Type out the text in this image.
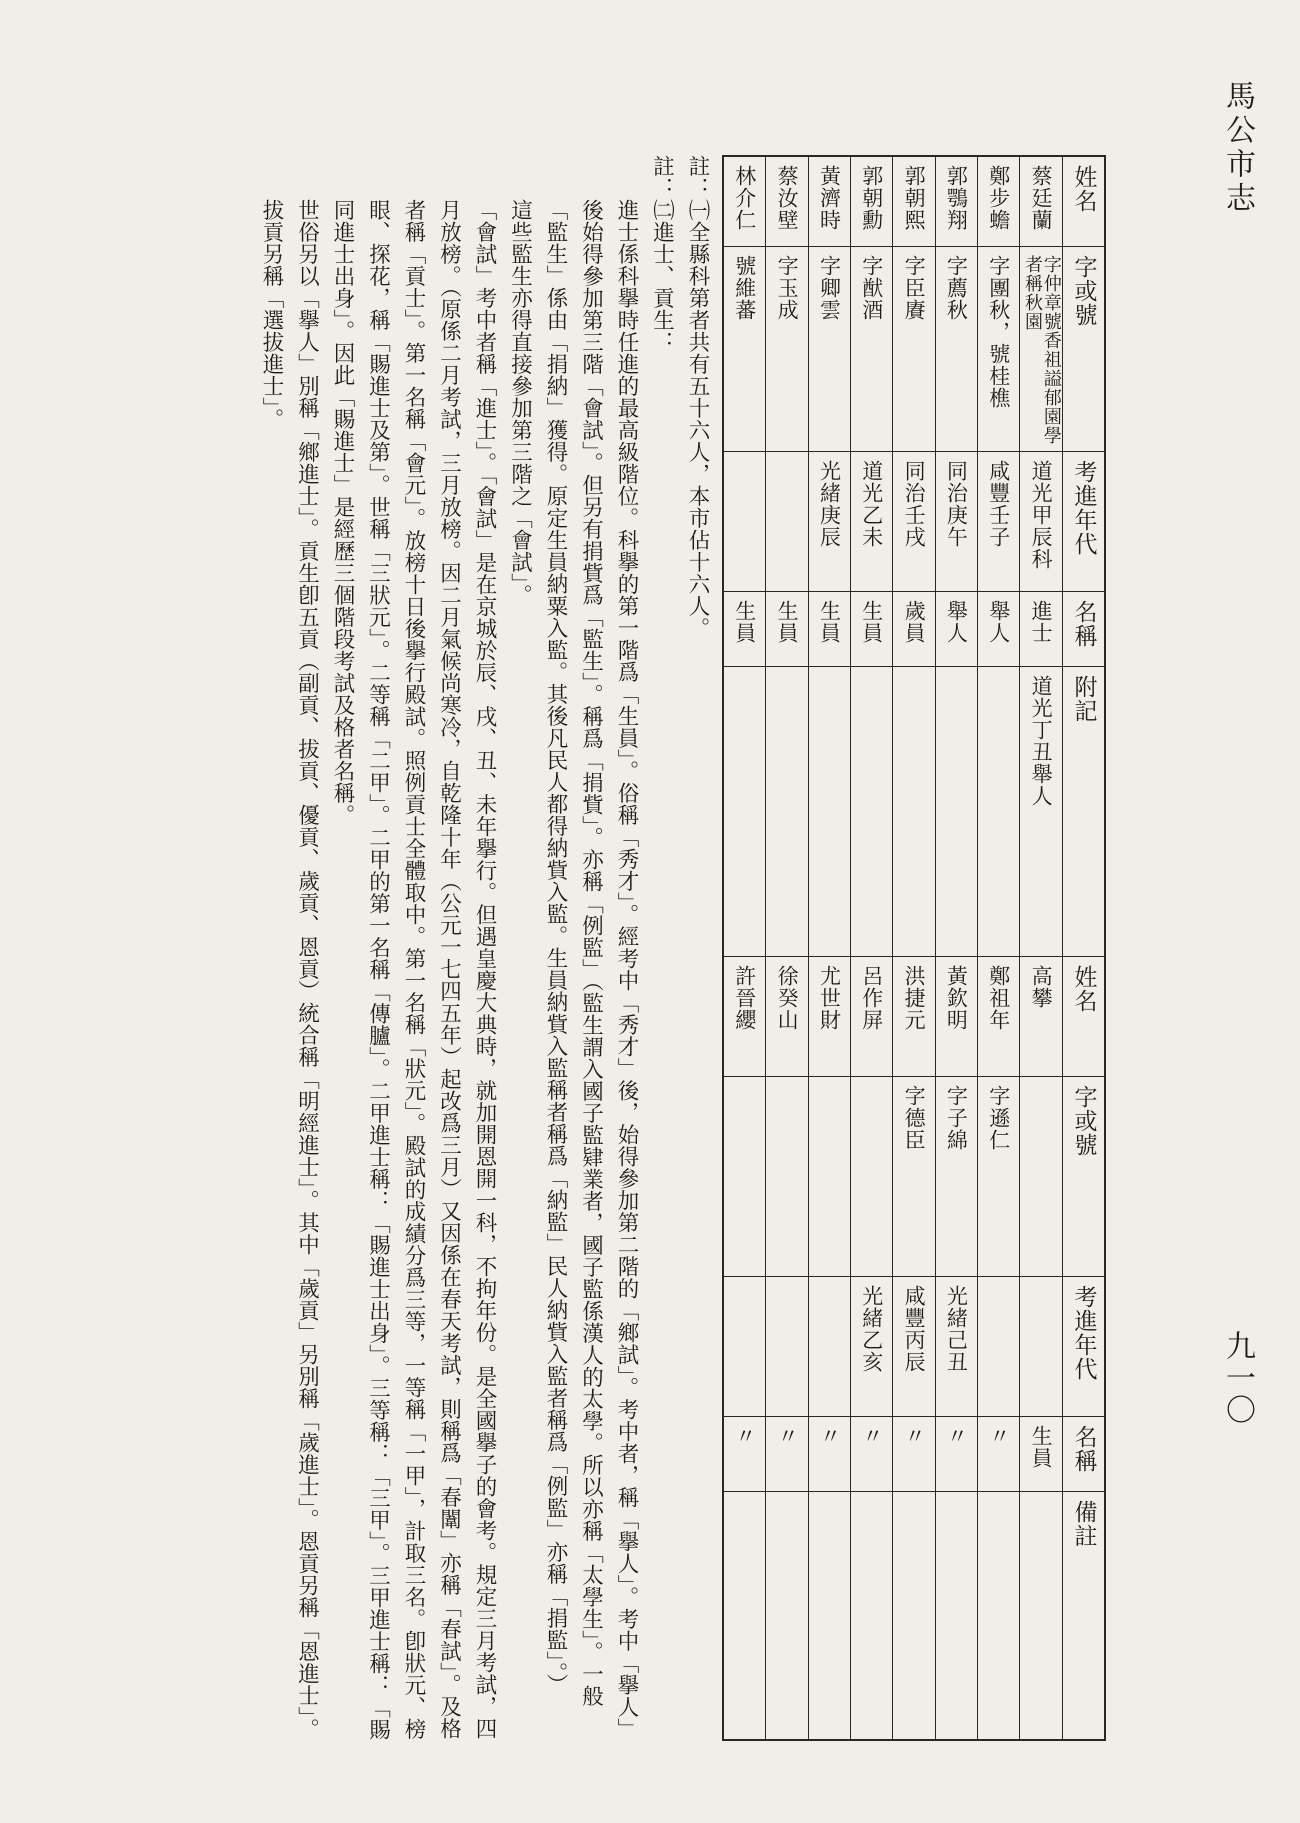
馬公市志
九一〇
姓名
字或號
考進年代
名稱
附記
姓名
字或號
考進年代
名稱
備註
蔡廷蘭
字仲章號香祖謚郁園學者稱秋園
道光甲辰科
進士
道光丁丑舉人
高攀
生員
鄭步蟾
字團秋，號桂樵
咸豐壬子
舉人
鄭祖年
字遜仁
〃
郭鶚翔
字薦秋
同治庚午
舉人
黃欽明
字子綿
光緒己丑
〃
郭朝熙
字臣賡
同治壬戌
歲員
洪捷元
字德臣
咸豐丙辰
〃
郭朝勳
字猷酒
道光乙未
生員
呂作屏
光緒乙亥
〃
黃濟時
字卿雲
光緒庚辰
生員
尤世財
〃
蔡汝壁
字玉成
生員
徐癸山
〃
林介仁
號維蕃
生員
許晉纓
〃

註：㈠全縣科第者共有五十六人，本市佔十六人。

註：㈡進士、貢生：

進士係科擧時任進的最高級階位。科擧的第一階爲「生員」。俗稱「秀才」。經考中「秀才」後，始得參加第二階的「鄉試」。考中者，稱「擧人」。考中「擧人」後始得參加第三階「會試」。但另有捐貲爲「監生」。稱爲「捐貲」。亦稱「例監」（監生謂入國子監肄業者，國子監係漢人的太學。所以亦稱「太學生」。一般「監生」係由「捐納」獲得。原定生員納粟入監。其後凡民人都得納貲入監。生員納貲入監稱者稱爲「納監」民人納貲入監者稱爲「例監」亦稱「捐監」。）

這些監生亦得直接參加第三階之「會試」。

「會試」考中者稱「進士」。「會試」是在京城於辰、戌、丑、未年擧行。但遇皇慶大典時，就加開恩開一科，不拘年份。是全國擧子的會考。規定三月考試，四月放榜。（原係二月考試，三月放榜。因二月氣候尚寒冷，自乾隆十年（公元一七四五年）起改爲三月）又因係在春天考試，則稱爲「春闈」亦稱「春試」。及格者稱「貢士」。第一名稱「會元」。放榜十日後擧行殿試。照例貢士全體取中。第一名稱「狀元」。殿試的成績分爲三等，一等稱「一甲」，計取三名。卽狀元、榜眼、探花，稱「賜進士及第」。世稱「三狀元」。二等稱「二甲」。二甲的第一名稱「傳臚」。二甲進士稱：「賜進士出身」。三等稱：「三甲」。三甲進士稱：「賜同進士出身」。因此「賜進士」是經歷三個階段考試及格者名稱。

世俗另以「擧人」別稱「鄉進士」。貢生卽五貢（副貢、拔貢、優貢、歲貢、恩貢）統合稱「明經進士」。其中「歲貢」另別稱「歲進士」。恩貢另稱「恩進士」。拔貢另稱「選拔進士」。
